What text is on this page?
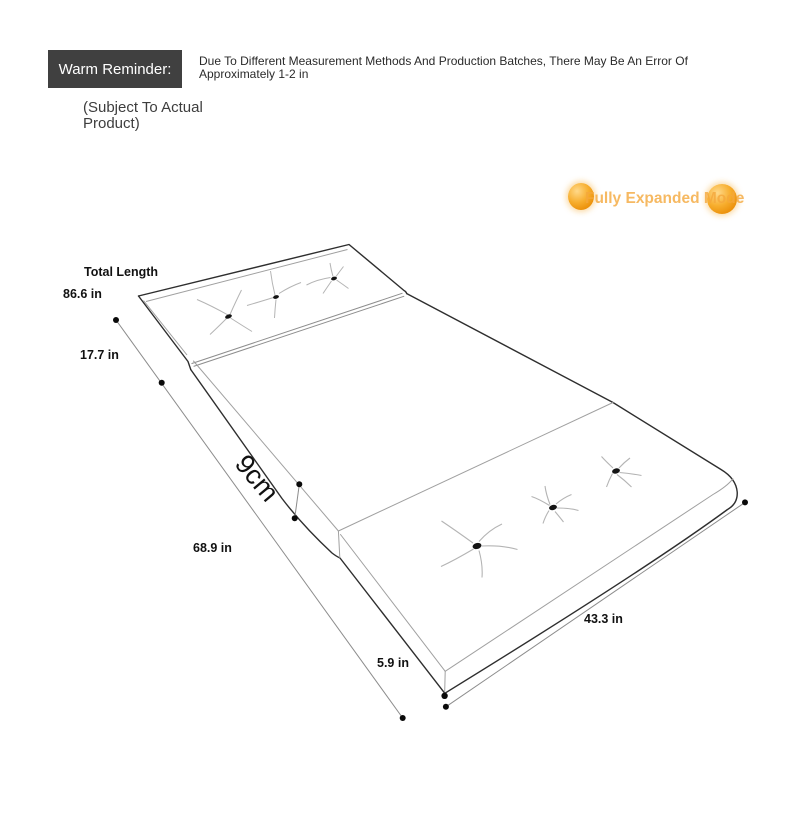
Warm Reminder: Due To Different Measurement Methods And Production Batches, There May Be An Error Of
Approximately 1-2 in
(Subject To Actual Product)
Fully Expanded Mode
Total Length
86.6 in
17.7 in
68.9 in
9cm
5.9 in
43.3 in
